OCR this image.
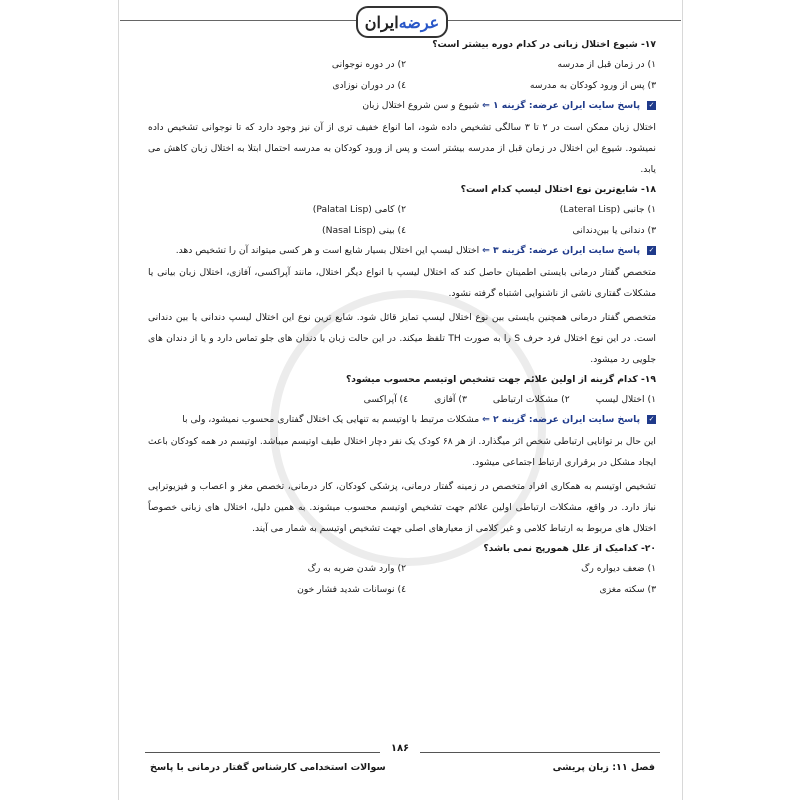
ایران عرضه
۱۷- شیوع اختلال زبانی در کدام دوره بیشتر است؟
۱) در زمان قبل از مدرسه
۲) در دوره نوجوانی
۳) پس از ورود کودکان به مدرسه
٤) در دوران نوزادی
✓ پاسخ سایت ایران عرضه: گزینه ۱ ⇐ شیوع و سن شروع اختلال زبان
اختلال زبان ممکن است در ۲ تا ۳ سالگی تشخیص داده شود، اما انواع خفیف تری از آن نیز وجود دارد که تا نوجوانی تشخیص داده نمیشود. شیوع این اختلال در زمان قبل از مدرسه بیشتر است و پس از ورود کودکان به مدرسه احتمال ابتلا به اختلال زبان کاهش می یابد.
۱۸- شایع‌ترین نوع اختلال لیسپ کدام است؟
۱) جانبی (Lateral Lisp)
۲) کامی (Palatal Lisp)
۳) دندانی یا بین‌دندانی
٤) بینی (Nasal Lisp)
✓ پاسخ سایت ایران عرضه: گزینه ۳ ⇐ اختلال لیسپ این اختلال بسیار شایع است و هر کسی میتواند آن را تشخیص دهد.
متخصص گفتار درمانی بایستی اطمینان حاصل کند که اختلال لیسپ با انواع دیگر اختلال، مانند آپراکسی، آفازی، اختلال زبان بیانی یا مشکلات گفتاری ناشی از ناشنوایی اشتباه گرفته نشود.
متخصص گفتار درمانی همچنین بایستی بین نوع اختلال لیسپ تمایز قائل شود. شایع ترین نوع این اختلال لیسپ دندانی یا بین دندانی است. در این نوع اختلال فرد حرف S را به صورت TH تلفظ میکند. در این حالت زبان با دندان های جلو تماس دارد و یا از دندان های جلویی رد میشود.
۱۹- کدام گزینه از اولین علائم جهت تشخیص اوتیسم محسوب میشود؟
۱) اختلال لیسپ
۲) مشکلات ارتباطی
۳) آفازی
٤) آپراکسی
✓ پاسخ سایت ایران عرضه: گزینه ۲ ⇐ مشکلات مرتبط با اوتیسم به تنهایی یک اختلال گفتاری محسوب نمیشود، ولی با
این حال بر توانایی ارتباطی شخص اثر میگذارد. از هر ۶۸ کودک یک نفر دچار اختلال طیف اوتیسم میباشد. اوتیسم در همه کودکان باعث ایجاد مشکل در برقراری ارتباط اجتماعی میشود.
تشخیص اوتیسم به همکاری افراد متخصص در زمینه گفتار درمانی، پزشکی کودکان، کار درمانی، تخصص مغز و اعصاب و فیزیوتراپی نیاز دارد. در واقع، مشکلات ارتباطی اولین علائم جهت تشخیص اوتیسم محسوب میشوند. به همین دلیل، اختلال های زبانی خصوصاً اختلال های مربوط به ارتباط کلامی و غیر کلامی از معیارهای اصلی جهت تشخیص اوتیسم به شمار می آیند.
۲۰- کدامیک از علل همورپج نمی باشد؟
۱) ضعف دیواره رگ
۲) وارد شدن ضربه به رگ
۳) سکته مغزی
٤) نوسانات شدید فشار خون
۱۸۶
فصل ۱۱: زبان پریشی
سوالات استخدامی کارشناس گفتار درمانی با پاسخ
